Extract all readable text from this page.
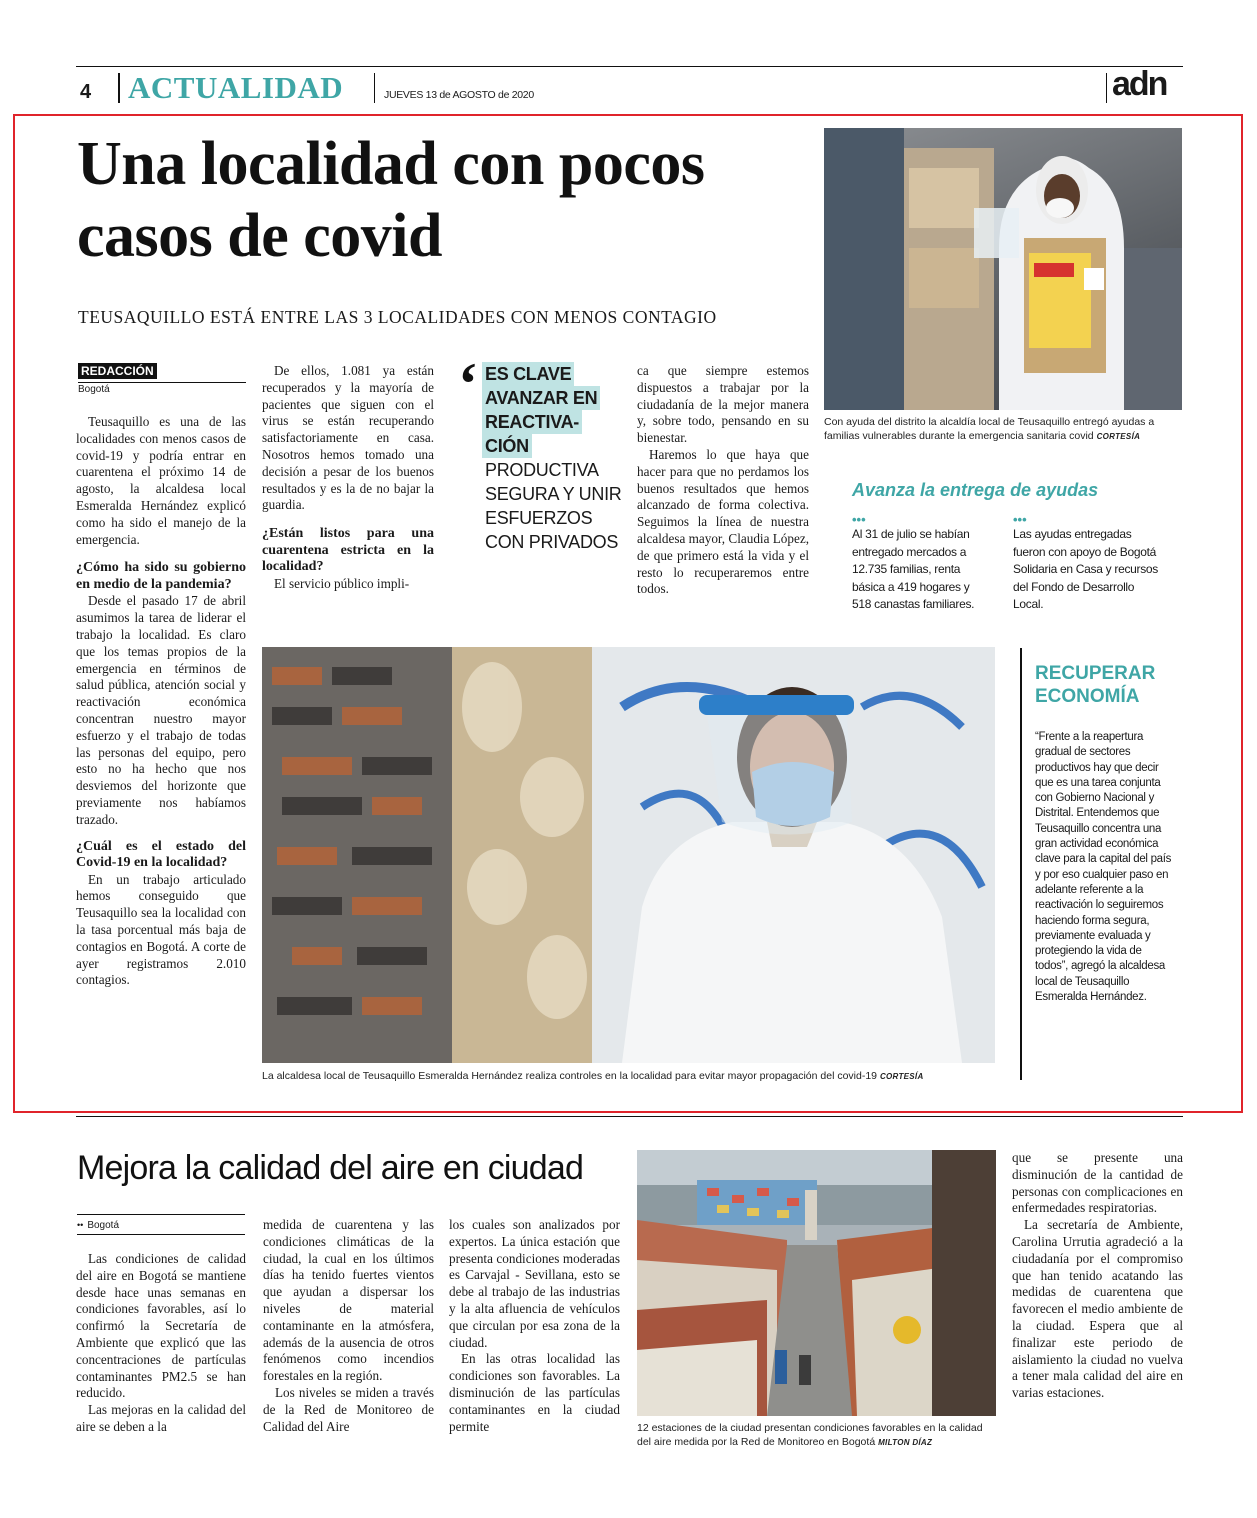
4 ACTUALIDAD	JUEVES 13 de AGOSTO de 2020	adn
Una localidad con pocos casos de covid
TEUSAQUILLO ESTÁ ENTRE LAS 3 LOCALIDADES CON MENOS CONTAGIO
REDACCIÓN
Bogotá

Teusaquillo es una de las localidades con menos casos de covid-19 y podría entrar en cuarentena el próximo 14 de agosto, la alcaldesa local Esmeralda Hernández explicó como ha sido el manejo de la emergencia.

¿Cómo ha sido su gobierno en medio de la pandemia?

Desde el pasado 17 de abril asumimos la tarea de liderar el trabajo la localidad. Es claro que los temas propios de la emergencia en términos de salud pública, atención social y reactivación económica concentran nuestro mayor esfuerzo y el trabajo de todas las personas del equipo, pero esto no ha hecho que nos desviemos del horizonte que previamente nos habíamos trazado.

¿Cuál es el estado del Covid-19 en la localidad?

En un trabajo articulado hemos conseguido que Teusaquillo sea la localidad con la tasa porcentual más baja de contagios en Bogotá. A corte de ayer registramos 2.010 contagios.

De ellos, 1.081 ya están recuperados y la mayoría de pacientes que siguen con el virus se están recuperando satisfactoriamente en casa. Nosotros hemos tomado una decisión a pesar de los buenos resultados y es la de no bajar la guardia.

¿Están listos para una cuarentena estricta en la localidad?

El servicio público impli-

‘ ES CLAVE
AVANZAR EN
REACTIVA-
CIÓN
PRODUCTIVA
SEGURA Y UNIR
ESFUERZOS
CON PRIVADOS

ca que siempre estemos dispuestos a trabajar por la ciudadanía de la mejor manera y, sobre todo, pensando en su bienestar.

Haremos lo que haya que hacer para que no perdamos los buenos resultados que hemos alcanzado de forma colectiva. Seguimos la línea de nuestra alcaldesa mayor, Claudia López, de que primero está la vida y el resto lo recuperaremos entre todos.

Con ayuda del distrito la alcaldía local de Teusaquillo entregó ayudas a familias vulnerables durante la emergencia sanitaria covid CORTESÍA
Avanza la entrega de ayudas
•••
Al 31 de julio se habían entregado mercados a 12.735 familias, renta básica a 419 hogares y 518 canastas familiares.
•••
Las ayudas entregadas fueron con apoyo de Bogotá Solidaria en Casa y recursos del Fondo de Desarrollo Local.
La alcaldesa local de Teusaquillo Esmeralda Hernández realiza controles en la localidad para evitar mayor propagación del covid-19 CORTESÍA
RECUPERAR
ECONOMÍA
“Frente a la reapertura gradual de sectores productivos hay que decir que es una tarea conjunta con Gobierno Nacional y Distrital. Entendemos que Teusaquillo concentra una gran actividad económica clave para la capital del país y por eso cualquier paso en adelante referente a la reactivación lo seguiremos haciendo forma segura, previamente evaluada y protegiendo la vida de todos”, agregó la alcaldesa local de Teusaquillo Esmeralda Hernández.
Mejora la calidad del aire en ciudad
•• Bogotá

Las condiciones de calidad del aire en Bogotá se mantiene desde hace unas semanas en condiciones favorables, así lo confirmó la Secretaría de Ambiente que explicó que las concentraciones de partículas contaminantes PM2.5 se han reducido.

Las mejoras en la calidad del aire se deben a la

medida de cuarentena y las condiciones climáticas de la ciudad, la cual en los últimos días ha tenido fuertes vientos que ayudan a dispersar los niveles de material contaminante en la atmósfera, además de la ausencia de otros fenómenos como incendios forestales en la región.

Los niveles se miden a través de la Red de Monitoreo de Calidad del Aire

los cuales son analizados por expertos. La única estación que presenta condiciones moderadas es Carvajal - Sevillana, esto se debe al trabajo de las industrias y la alta afluencia de vehículos que circulan por esa zona de la ciudad.

En las otras localidad las condiciones son favorables. La disminución de las partículas contaminantes en la ciudad permite	12 estaciones de la ciudad presentan condiciones favorables en la calidad del aire medida por la Red de Monitoreo en Bogotá MILTON DÍAZ

que se presente una disminución de la cantidad de personas con complicaciones en enfermedades respiratorias.

La secretaría de Ambiente, Carolina Urrutia agradeció a la ciudadanía por el compromiso que han tenido acatando las medidas de cuarentena que favorecen el medio ambiente de la ciudad. Espera que al finalizar este periodo de aislamiento la ciudad no vuelva a tener mala calidad del aire en varias estaciones.
